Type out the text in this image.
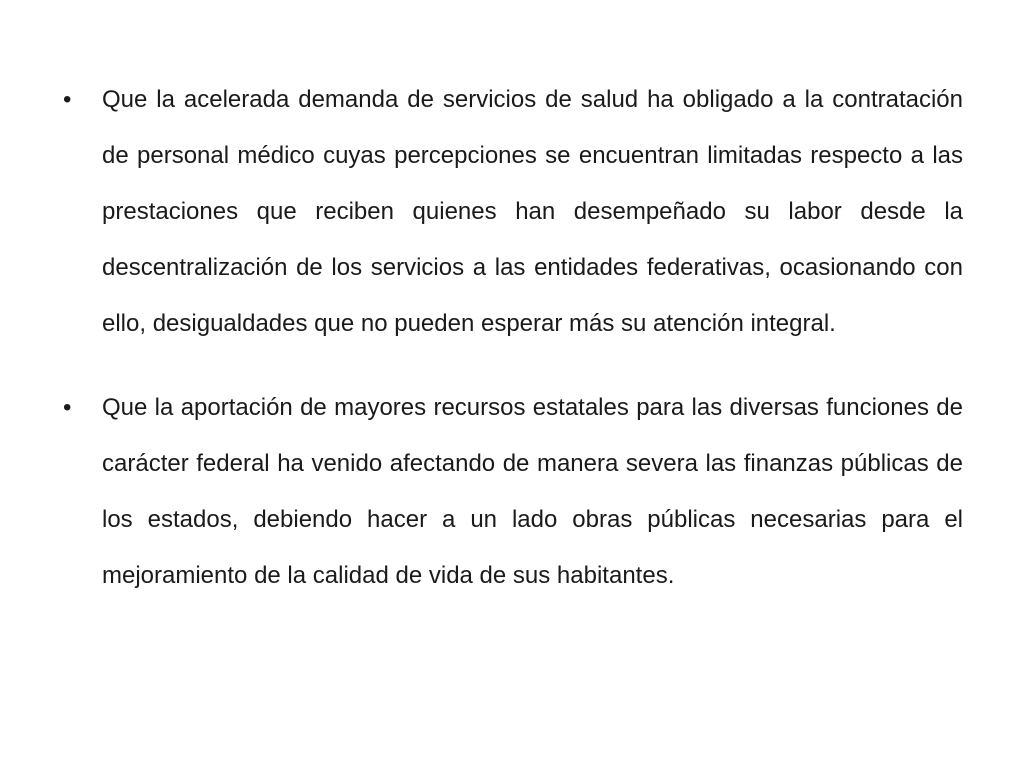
•	Que la acelerada demanda de servicios de salud ha obligado a la contratación de personal médico cuyas percepciones se encuentran limitadas respecto a las prestaciones que reciben quienes han desempeñado su labor desde la descentralización de los servicios a las entidades federativas, ocasionando con ello, desigualdades que no pueden esperar más su atención integral.
•	Que la aportación de mayores recursos estatales para las diversas funciones de carácter federal ha venido afectando de manera severa las finanzas públicas de los estados, debiendo hacer a un lado obras públicas necesarias para el mejoramiento de la calidad de vida de sus habitantes.
